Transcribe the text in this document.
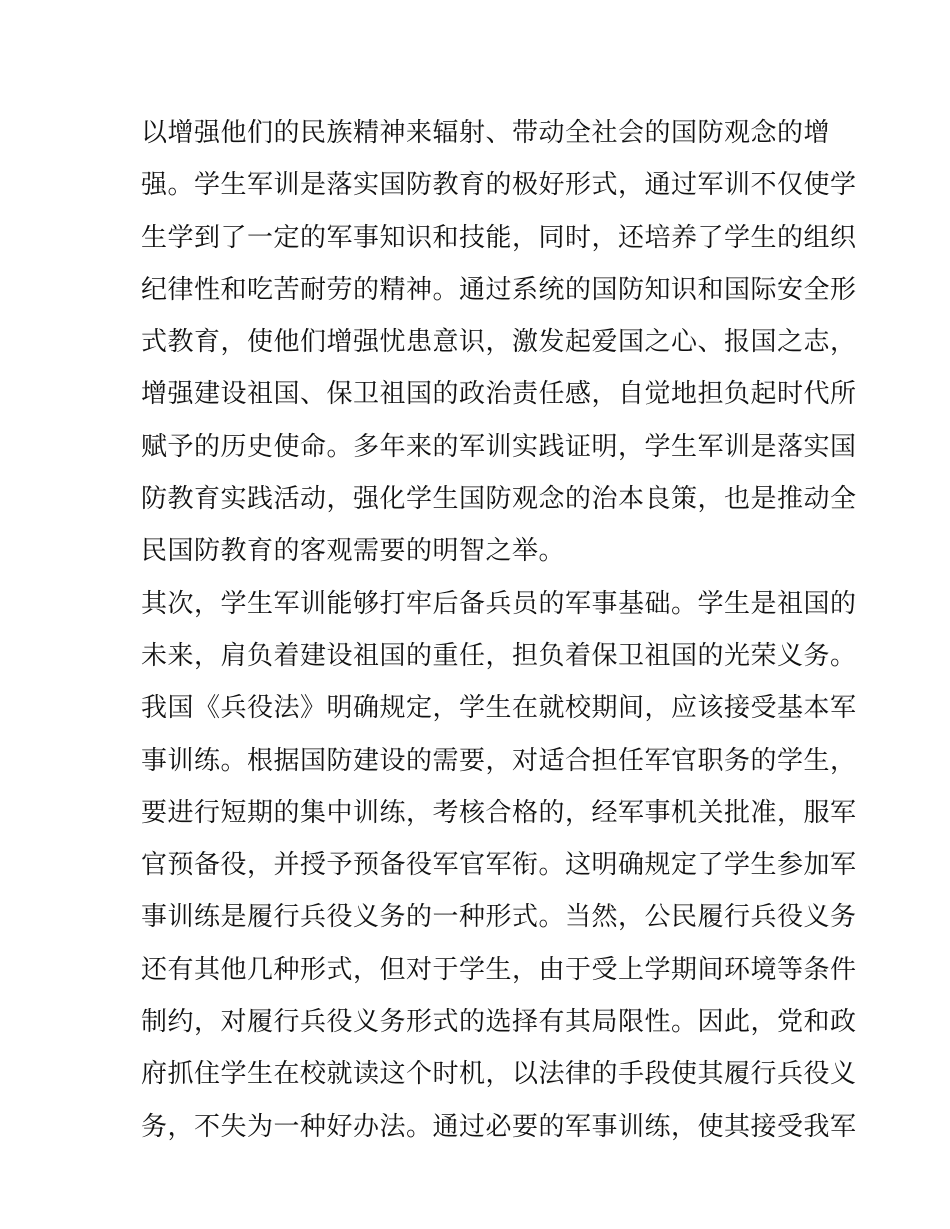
以增强他们的民族精神来辐射、带动全社会的国防观念的增
强。学生军训是落实国防教育的极好形式，通过军训不仅使学
生学到了一定的军事知识和技能，同时，还培养了学生的组织
纪律性和吃苦耐劳的精神。通过系统的国防知识和国际安全形
式教育，使他们增强忧患意识，激发起爱国之心、报国之志，
增强建设祖国、保卫祖国的政治责任感，自觉地担负起时代所
赋予的历史使命。多年来的军训实践证明，学生军训是落实国
防教育实践活动，强化学生国防观念的治本良策，也是推动全
民国防教育的客观需要的明智之举。
其次，学生军训能够打牢后备兵员的军事基础。学生是祖国的
未来，肩负着建设祖国的重任，担负着保卫祖国的光荣义务。
我国《兵役法》明确规定，学生在就校期间，应该接受基本军
事训练。根据国防建设的需要，对适合担任军官职务的学生，
要进行短期的集中训练，考核合格的，经军事机关批准，服军
官预备役，并授予预备役军官军衔。这明确规定了学生参加军
事训练是履行兵役义务的一种形式。当然，公民履行兵役义务
还有其他几种形式，但对于学生，由于受上学期间环境等条件
制约，对履行兵役义务形式的选择有其局限性。因此，党和政
府抓住学生在校就读这个时机，以法律的手段使其履行兵役义
务，不失为一种好办法。通过必要的军事训练，使其接受我军
